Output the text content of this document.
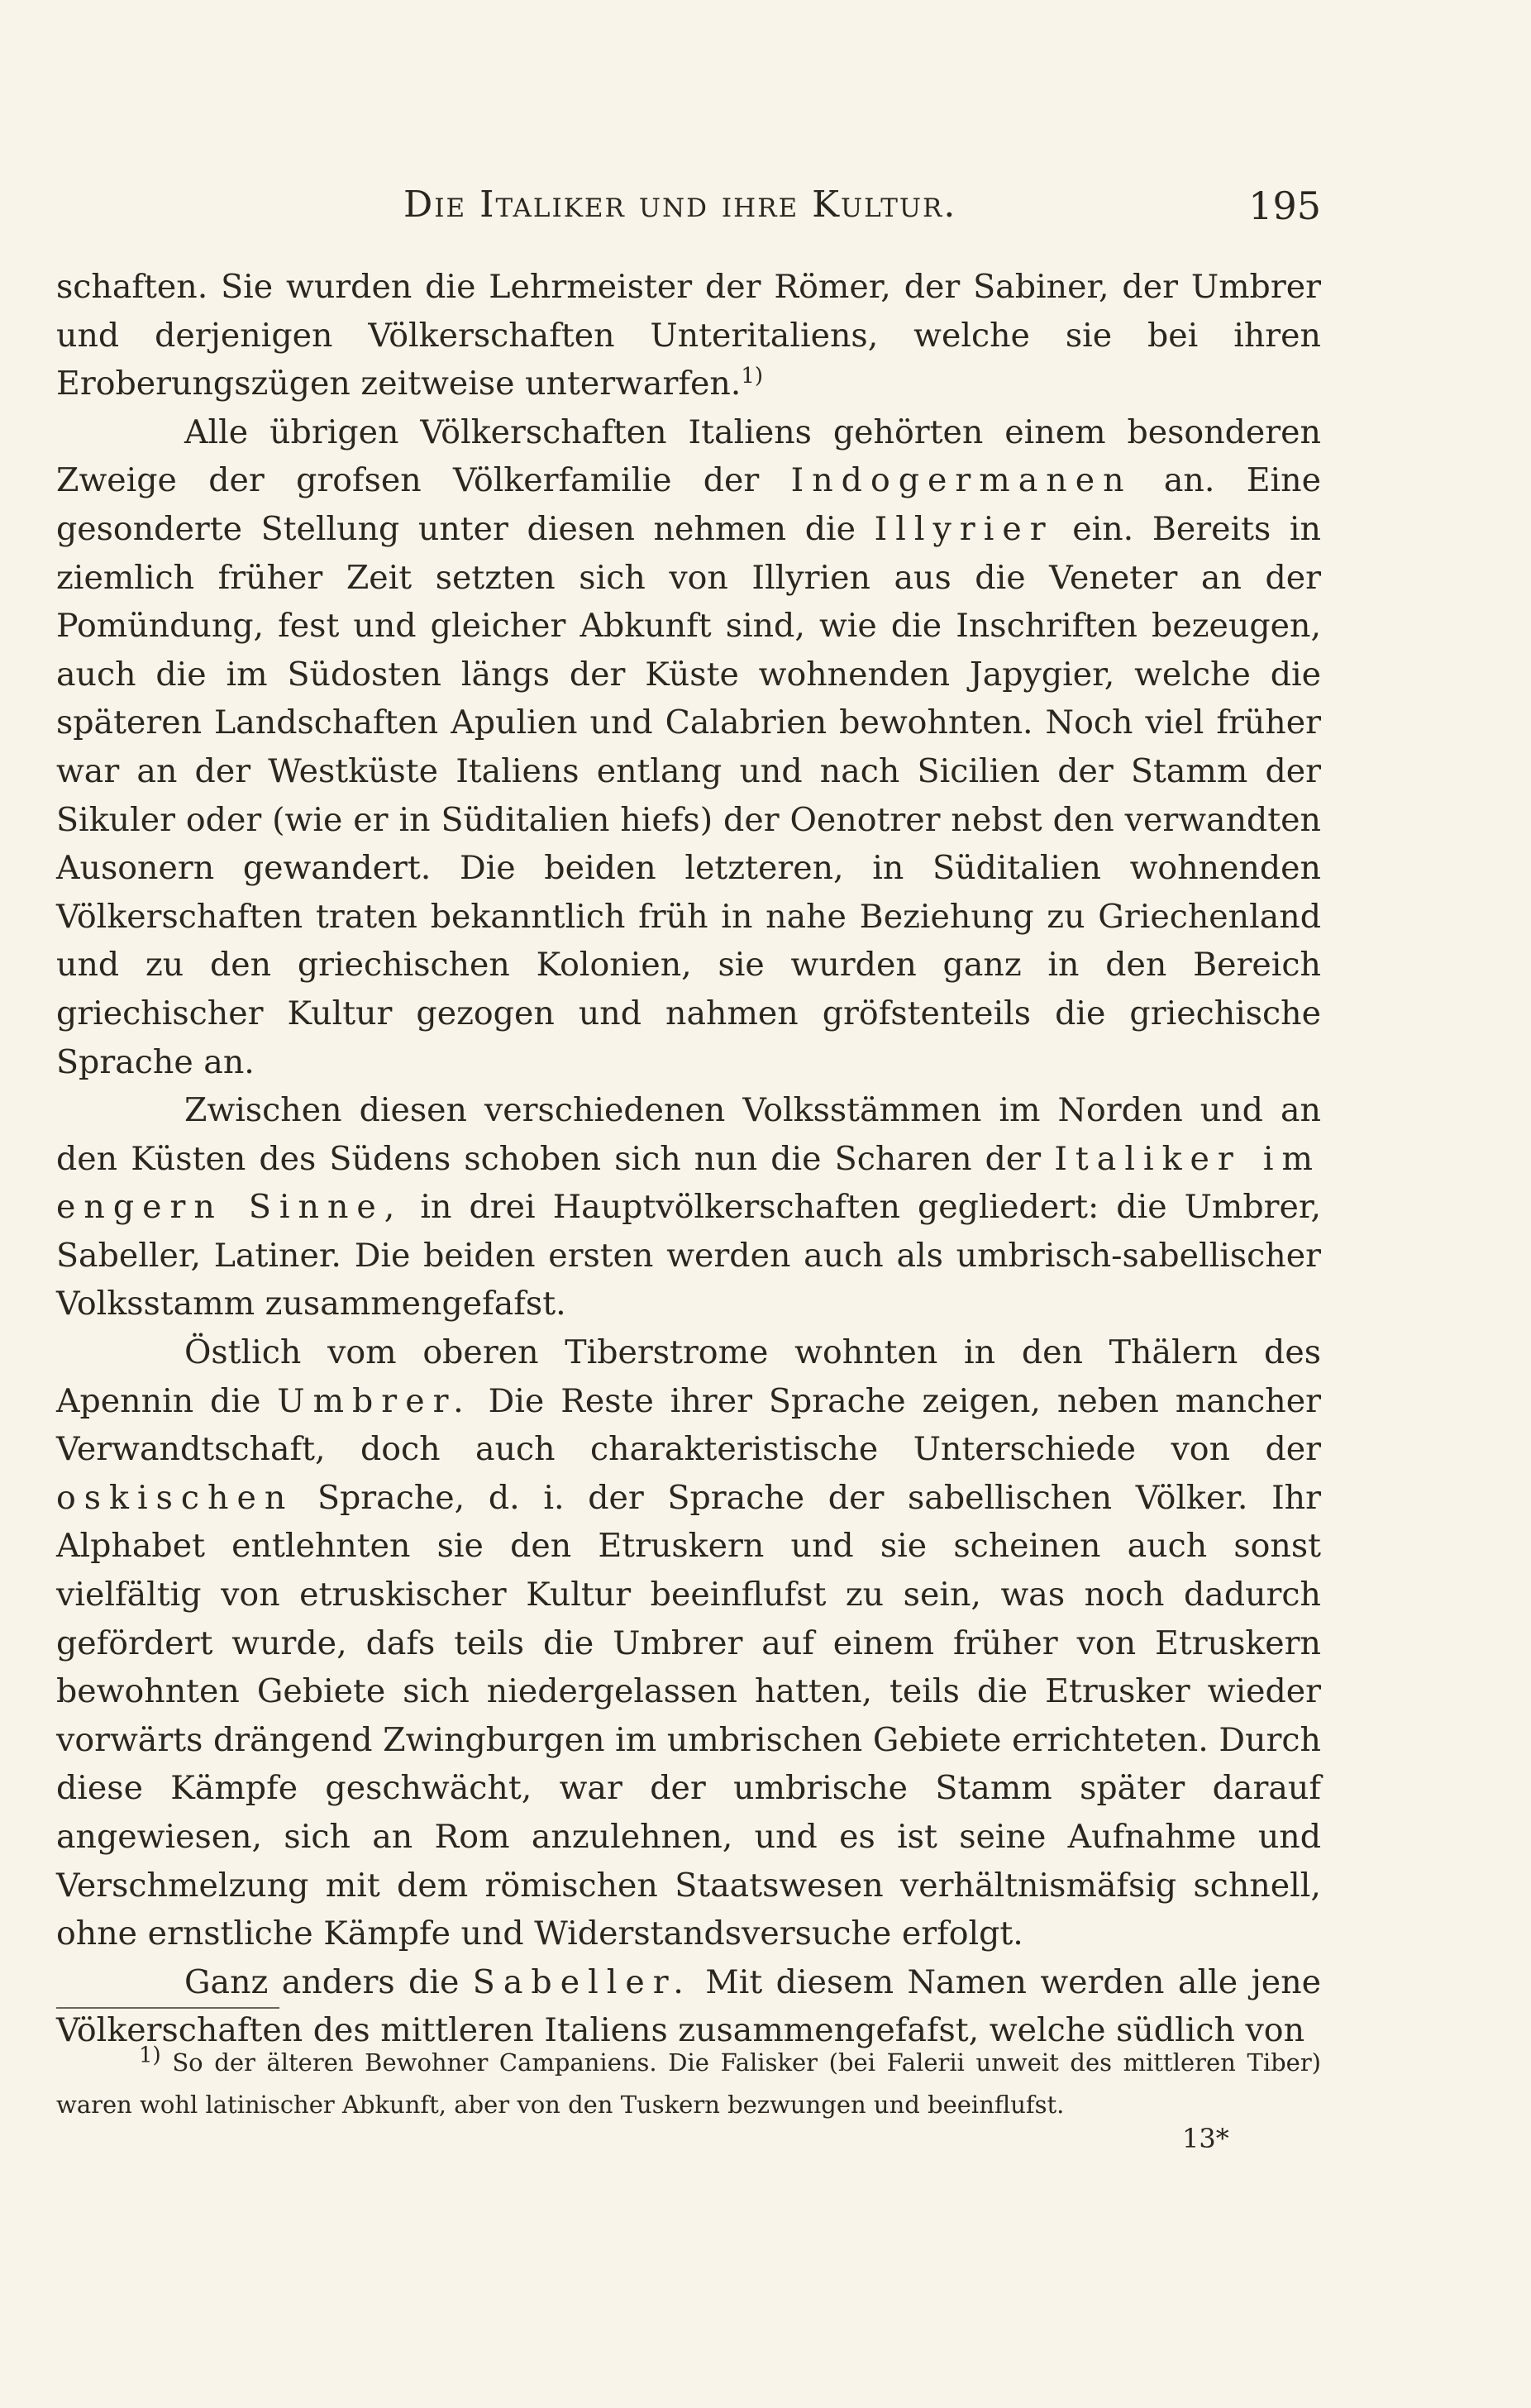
Die Italiker und ihre Kultur.	195

schaften. Sie wurden die Lehrmeister der Römer, der Sabiner, der Umbrer und derjenigen Völkerschaften Unteritaliens, welche sie bei ihren Eroberungszügen zeitweise unterwarfen.$^{1)}$

Alle übrigen Völkerschaften Italiens gehörten einem besonderen Zweige der grofsen Völkerfamilie der Indogermanen an. Eine gesonderte Stellung unter diesen nehmen die Illyrier ein. Bereits in ziemlich früher Zeit setzten sich von Illyrien aus die Veneter an der Pomündung, fest und gleicher Abkunft sind, wie die Inschriften bezeugen, auch die im Südosten längs der Küste wohnenden Japygier, welche die späteren Landschaften Apulien und Calabrien bewohnten. Noch viel früher war an der Westküste Italiens entlang und nach Sicilien der Stamm der Sikuler oder (wie er in Süditalien hiefs) der Oenotrer nebst den verwandten Ausonern gewandert. Die beiden letzteren, in Süditalien wohnenden Völkerschaften traten bekanntlich früh in nahe Beziehung zu Griechenland und zu den griechischen Kolonien, sie wurden ganz in den Bereich griechischer Kultur gezogen und nahmen gröfstenteils die griechische Sprache an.

Zwischen diesen verschiedenen Volksstämmen im Norden und an den Küsten des Südens schoben sich nun die Scharen der Italiker im engern Sinne, in drei Hauptvölkerschaften gegliedert: die Umbrer, Sabeller, Latiner. Die beiden ersten werden auch als umbrisch-sabellischer Volksstamm zusammengefafst.

Östlich vom oberen Tiberstrome wohnten in den Thälern des Apennin die Umbrer. Die Reste ihrer Sprache zeigen, neben mancher Verwandtschaft, doch auch charakteristische Unterschiede von der oskischen Sprache, d. i. der Sprache der sabellischen Völker. Ihr Alphabet entlehnten sie den Etruskern und sie scheinen auch sonst vielfältig von etruskischer Kultur beeinflufst zu sein, was noch dadurch gefördert wurde, dafs teils die Umbrer auf einem früher von Etruskern bewohnten Gebiete sich niedergelassen hatten, teils die Etrusker wieder vorwärts drängend Zwingburgen im umbrischen Gebiete errichteten. Durch diese Kämpfe geschwächt, war der umbrische Stamm später darauf angewiesen, sich an Rom anzulehnen, und es ist seine Aufnahme und Verschmelzung mit dem römischen Staatswesen verhältnismäfsig schnell, ohne ernstliche Kämpfe und Widerstandsversuche erfolgt.

Ganz anders die Sabeller. Mit diesem Namen werden alle jene Völkerschaften des mittleren Italiens zusammengefafst, welche südlich von

1) So der älteren Bewohner Campaniens. Die Falisker (bei Falerii unweit des mittleren Tiber) waren wohl latinischer Abkunft, aber von den Tuskern bezwungen und beeinflufst.

13*
